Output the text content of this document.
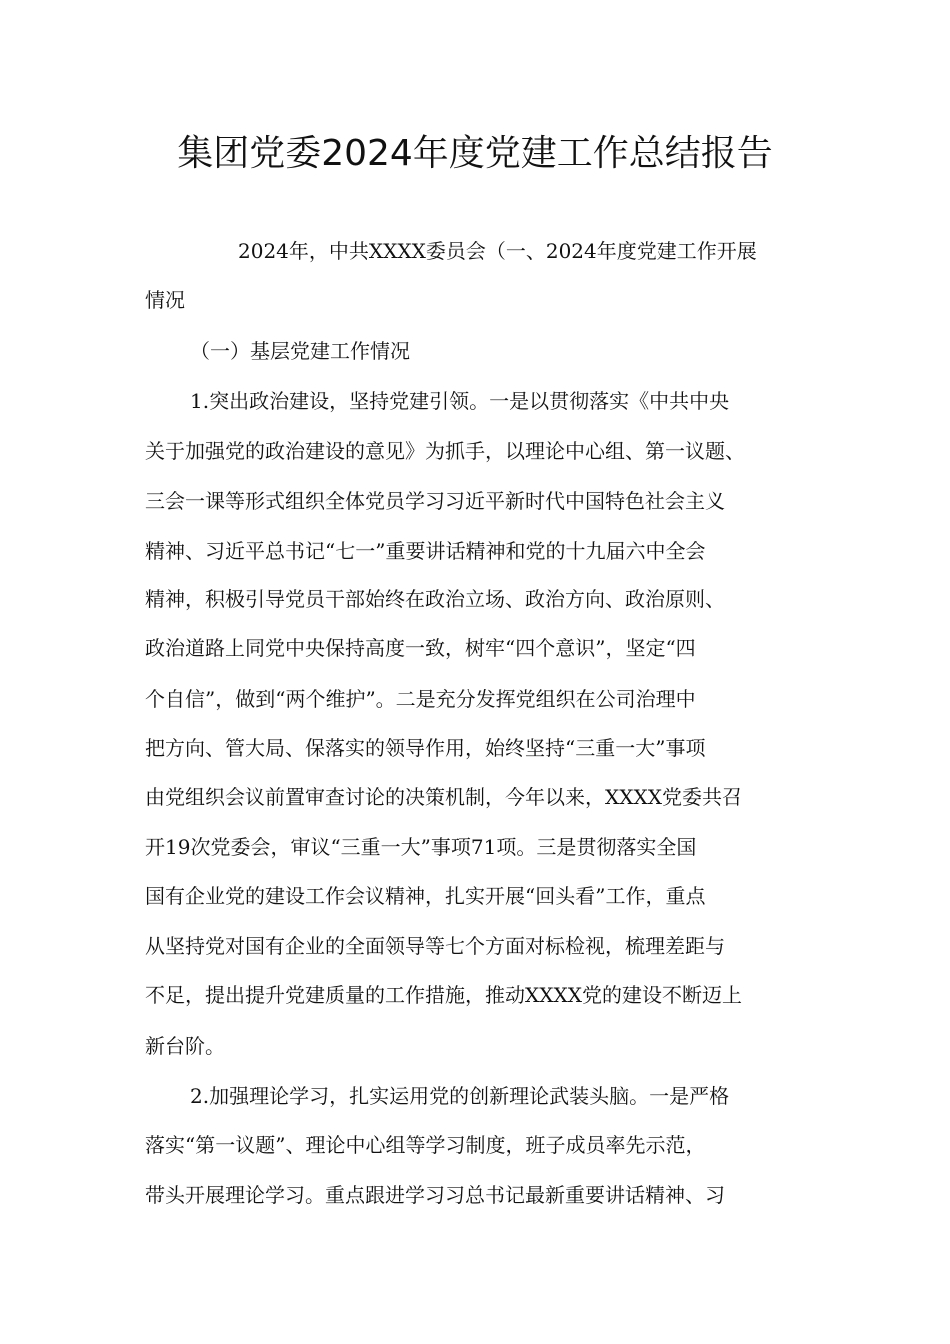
集团党委2024年度党建工作总结报告

2024年，中共XXXX委员会（一、2024年度党建工作开展

情况

（一）基层党建工作情况

1.突出政治建设，坚持党建引领。一是以贯彻落实《中共中央

关于加强党的政治建设的意见》为抓手，以理论中心组、第一议题、

三会一课等形式组织全体党员学习习近平新时代中国特色社会主义

精神、习近平总书记“七一”重要讲话精神和党的十九届六中全会

精神，积极引导党员干部始终在政治立场、政治方向、政治原则、

政治道路上同党中央保持高度一致，树牢“四个意识”，坚定“四

个自信”，做到“两个维护”。二是充分发挥党组织在公司治理中

把方向、管大局、保落实的领导作用，始终坚持“三重一大”事项

由党组织会议前置审查讨论的决策机制，今年以来，XXXX党委共召

开19次党委会，审议“三重一大”事项71项。三是贯彻落实全国

国有企业党的建设工作会议精神，扎实开展“回头看”工作，重点

从坚持党对国有企业的全面领导等七个方面对标检视，梳理差距与

不足，提出提升党建质量的工作措施，推动XXXX党的建设不断迈上

新台阶。

2.加强理论学习，扎实运用党的创新理论武装头脑。一是严格

落实“第一议题”、理论中心组等学习制度，班子成员率先示范，

带头开展理论学习。重点跟进学习习总书记最新重要讲话精神、习
